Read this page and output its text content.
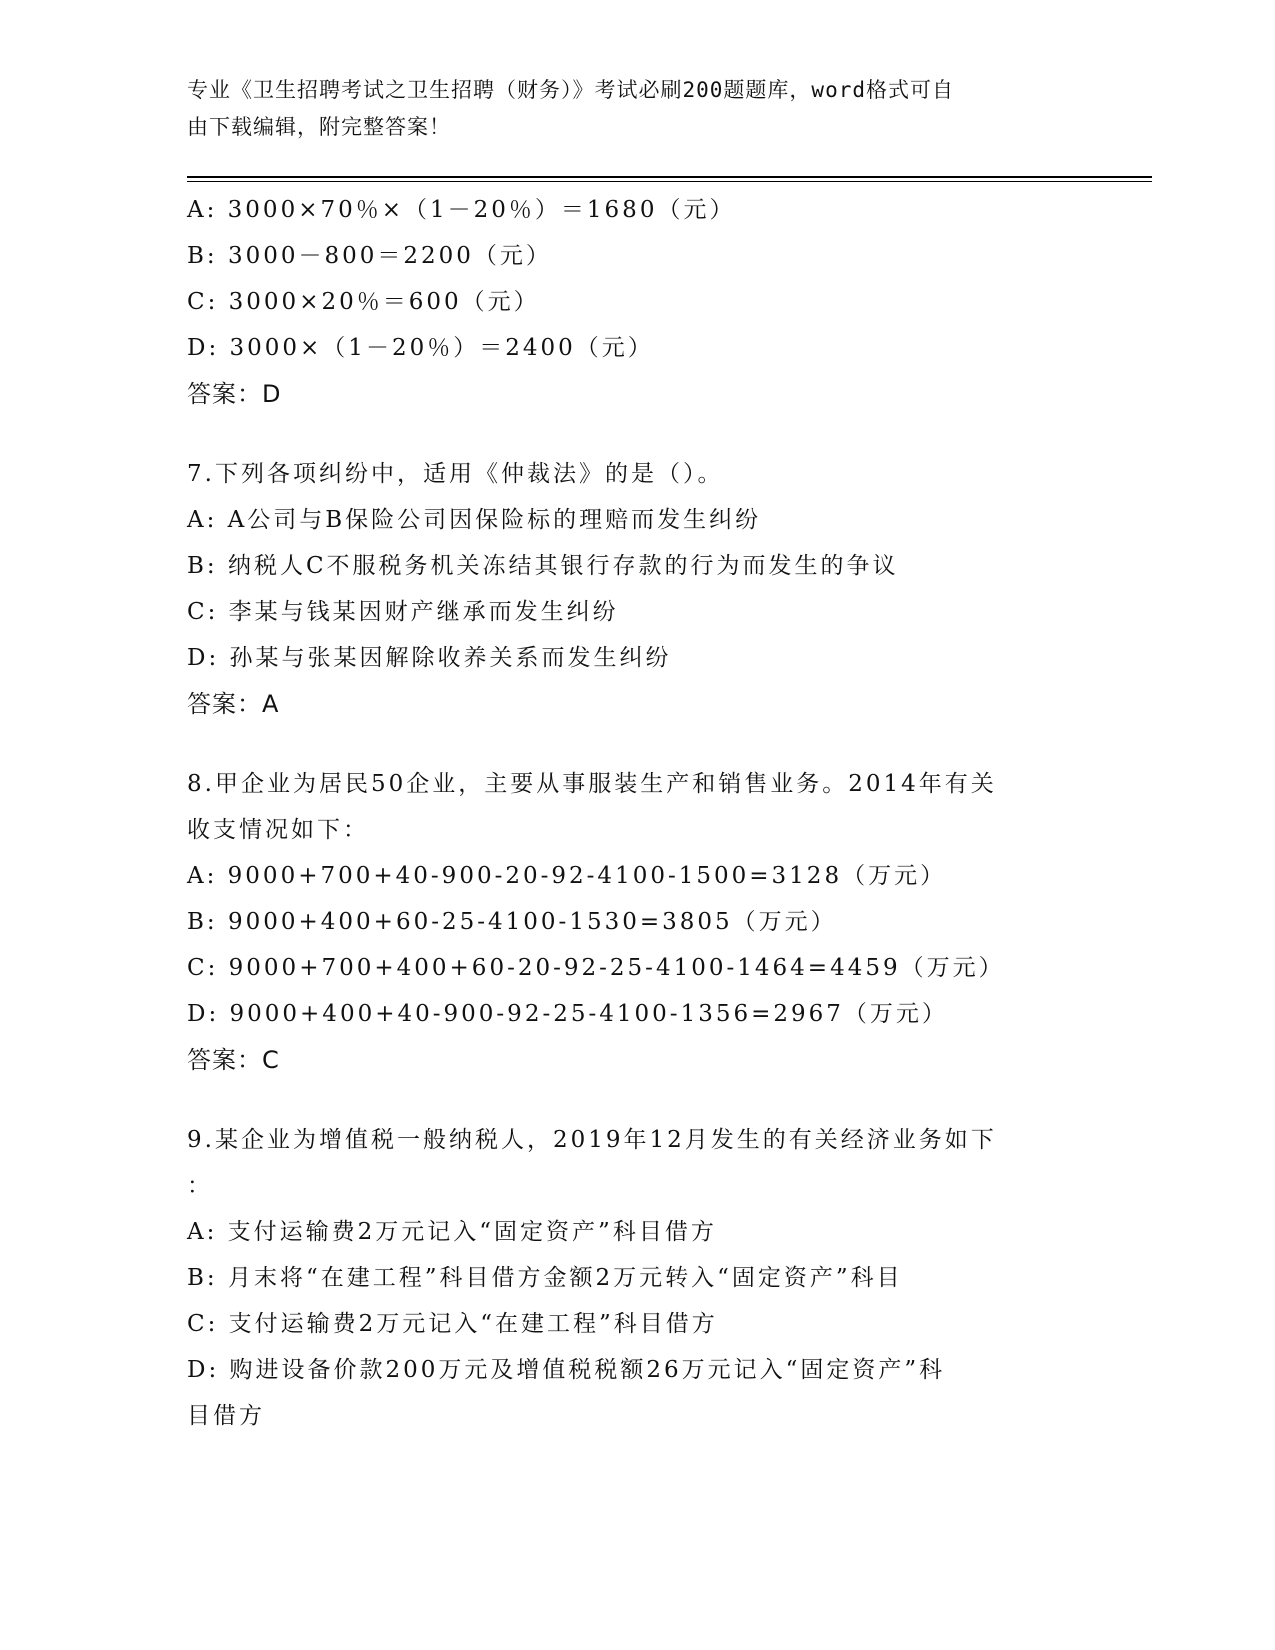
专业《卫生招聘考试之卫生招聘（财务）》考试必刷200题题库，word格式可自
由下载编辑，附完整答案！
A: 3000×70％×（1－20％）＝1680（元）
B: 3000－800＝2200（元）
C: 3000×20％＝600（元）
D: 3000×（1－20％）＝2400（元）
答案：D
7.下列各项纠纷中，适用《仲裁法》的是（）。
A: A公司与B保险公司因保险标的理赔而发生纠纷
B: 纳税人C不服税务机关冻结其银行存款的行为而发生的争议
C: 李某与钱某因财产继承而发生纠纷
D: 孙某与张某因解除收养关系而发生纠纷
答案：A
8.甲企业为居民50企业，主要从事服装生产和销售业务。2014年有关
收支情况如下：
A: 9000+700+40-900-20-92-4100-1500=3128（万元）
B: 9000+400+60-25-4100-1530=3805（万元）
C: 9000+700+400+60-20-92-25-4100-1464=4459（万元）
D: 9000+400+40-900-92-25-4100-1356=2967（万元）
答案：C
9.某企业为增值税一般纳税人，2019年12月发生的有关经济业务如下
：
A: 支付运输费2万元记入“固定资产”科目借方
B: 月末将“在建工程”科目借方金额2万元转入“固定资产”科目
C: 支付运输费2万元记入“在建工程”科目借方
D: 购进设备价款200万元及增值税税额26万元记入“固定资产”科
目借方
